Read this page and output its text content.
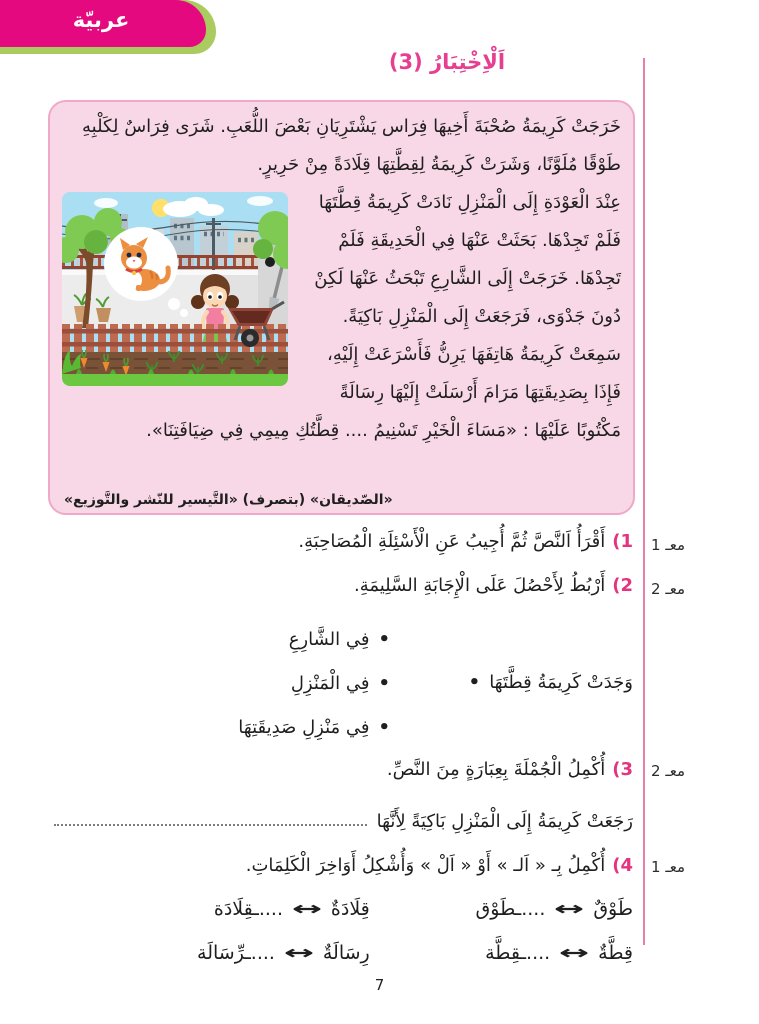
عربيّة
اَلْاِخْتِبَارُ (3)

خَرَجَتْ كَرِيمَةُ صُحْبَةَ أَخِيهَا فِرَاس يَشْتَرِيَانِ بَعْضَ اللُّعَبِ. شَرَى فِرَاسٌ لِكَلْبِهِ طَوْقًا مُلَوَّنًا، وَشَرَتْ كَرِيمَةُ لِقِطَّتِهَا قِلَادَةً مِنْ حَرِيرٍ.

عِنْدَ الْعَوْدَةِ إِلَى الْمَنْزِلِ نَادَتْ كَرِيمَةُ قِطَّتَهَا فَلَمْ تَجِدْهَا. بَحَثَتْ عَنْهَا فِي الْحَدِيقَةِ فَلَمْ تَجِدْهَا. خَرَجَتْ إِلَى الشَّارِعِ تَبْحَثُ عَنْهَا لَكِنْ دُونَ جَدْوَى، فَرَجَعَتْ إِلَى الْمَنْزِلِ بَاكِيَةً. سَمِعَتْ كَرِيمَةُ هَاتِفَهَا يَرِنُّ فَأَسْرَعَتْ إِلَيْهِ، فَإِذَا بِصَدِيقَتِهَا مَرَامَ أَرْسَلَتْ إِلَيْهَا رِسَالَةً مَكْتُوبًا عَلَيْهَا : «مَسَاءَ الْخَيْرِ تَسْنِيمُ .... قِطَّتُكِ مِيمِي فِي ضِيَافَتِنَا».

«الصّديقان» (بتصرف) «التَّيسير للنّشر والتَّوزيع»
معـ 1
معـ 2
معـ 2
معـ 1
(1
أَقْرَأُ اَلنَّصَّ ثُمَّ أُجِيبُ عَنِ الْأَسْئِلَةِ الْمُصَاحِبَةِ.
(2
أَرْبُطُ لِأَحْصُلَ عَلَى الْإِجَابَةِ السَّلِيمَةِ.
وَجَدَتْ كَرِيمَةُ قِطَّتَهَا
•
•
فِي الشَّارِعِ
•
فِي الْمَنْزِلِ
•
فِي مَنْزِلِ صَدِيقَتِهَا
(3
أُكْمِلُ الْجُمْلَةَ بِعِبَارَةٍ مِنَ النَّصِّ.
رَجَعَتْ كَرِيمَةُ إِلَى الْمَنْزِلِ بَاكِيَةً لِأَنَّهَا
(4
أُكْمِلُ بِـ « اَلـ » أَوْ « اَلْ » وَأُشْكِلُ أَوَاخِرَ الْكَلِمَاتِ.
طَوْقٌ
↔
....ـطَوْق
قِلَادَةٌ
↔
....ـقِلَادَة
قِطَّةٌ
↔
....ـقِطَّة
رِسَالَةٌ
↔
....ـرِّسَالَة
7
